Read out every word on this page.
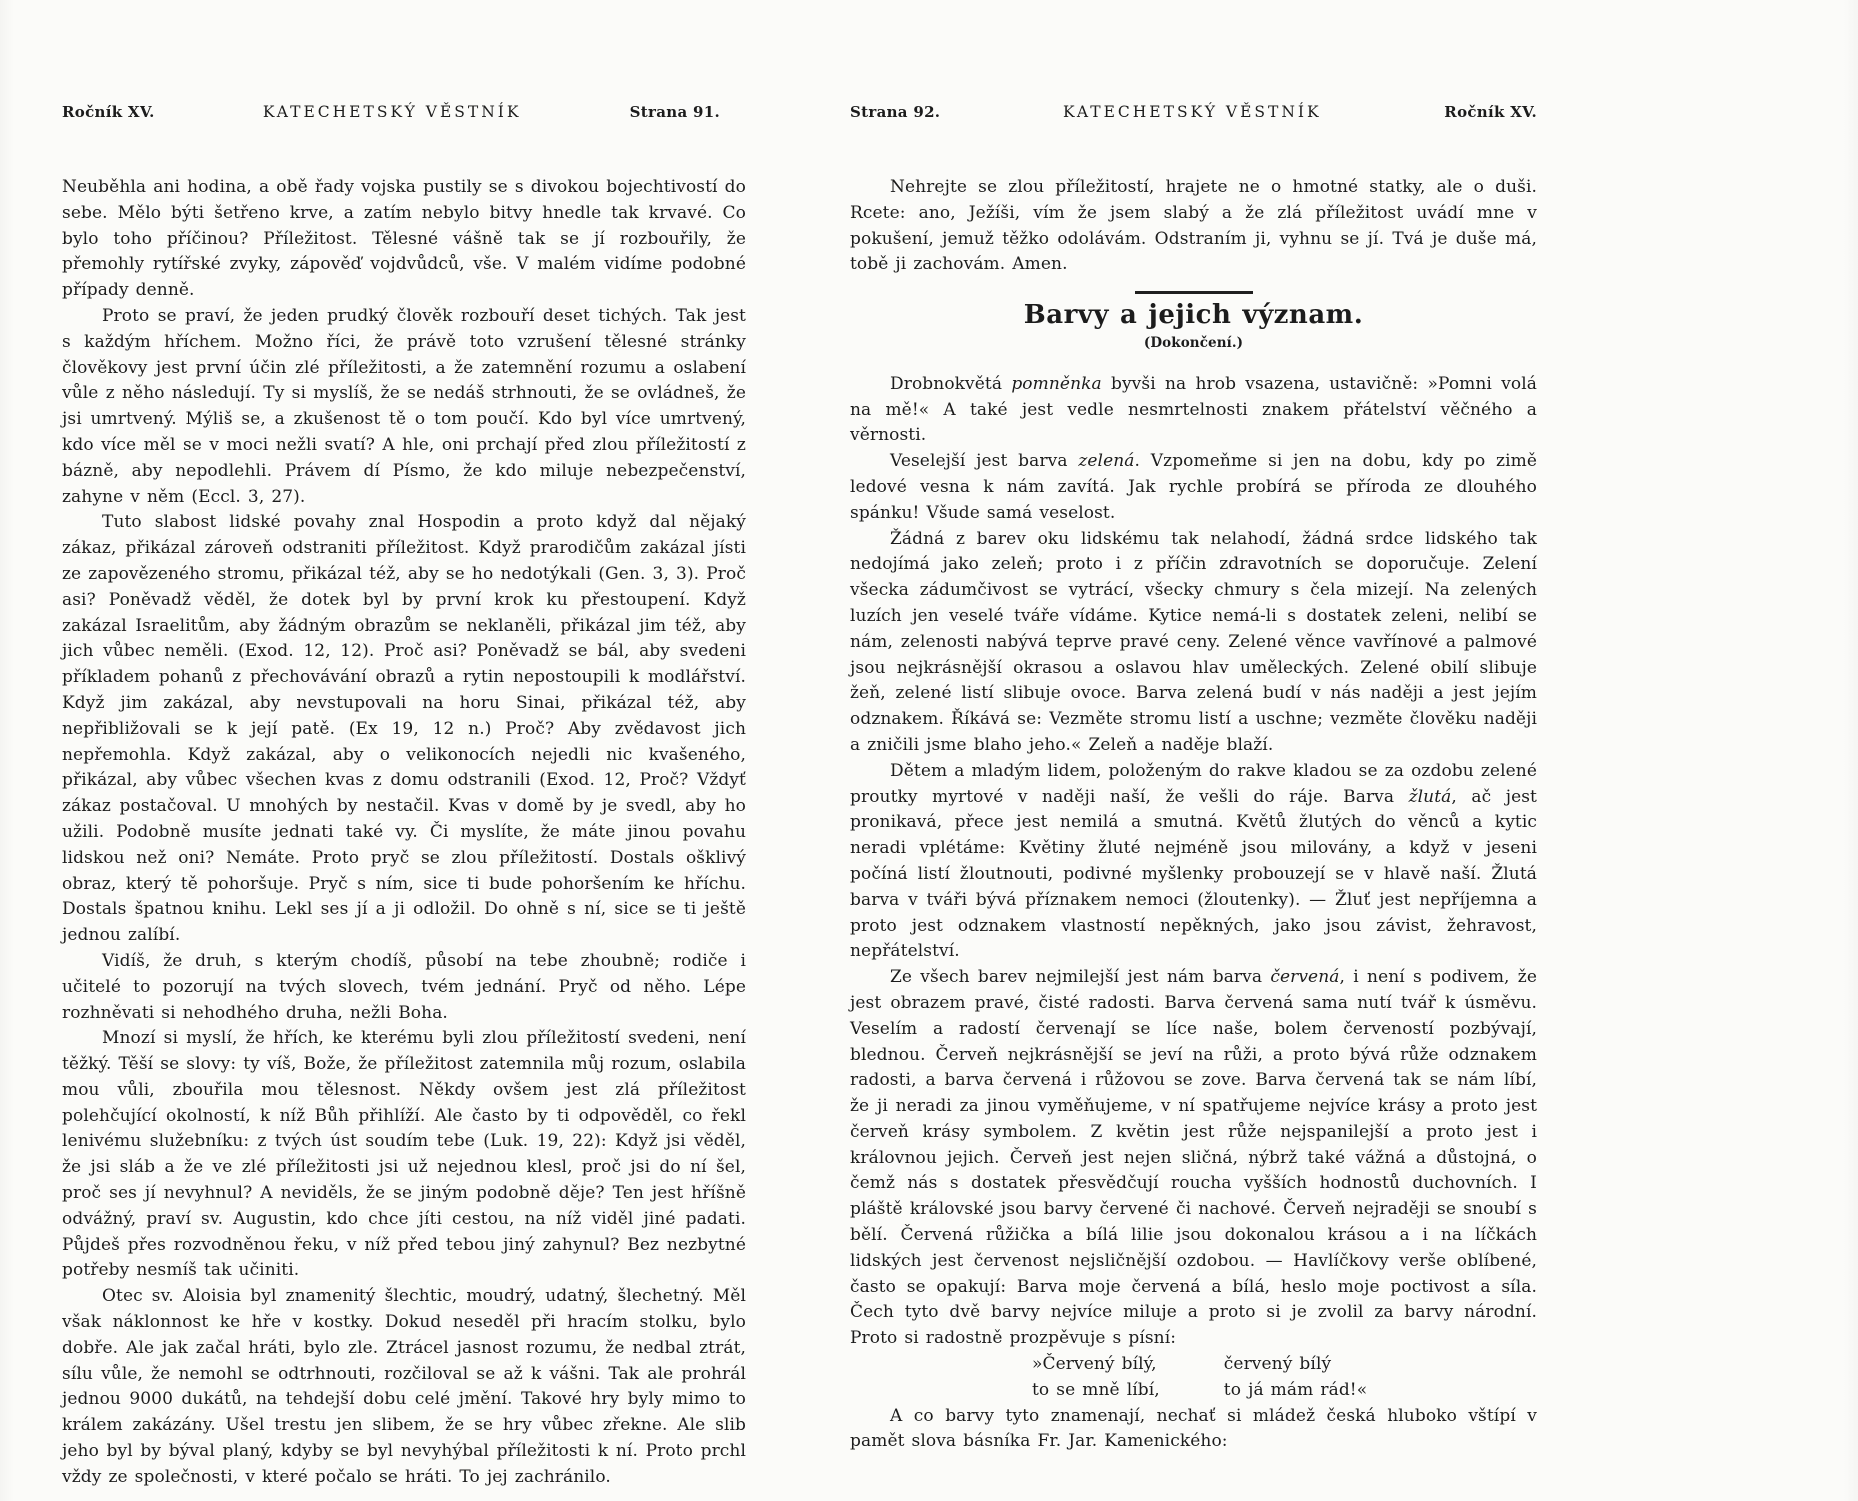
Ročník XV.	KATECHETSKÝ VĚSTNÍK	Strana 91.

Neuběhla ani hodina, a obě řady vojska pustily se s divokou bojechtivostí do sebe. Mělo býti šetřeno krve, a zatím nebylo bitvy hnedle tak krvavé. Co bylo toho příčinou? Příležitost. Tělesné vášně tak se jí rozbouřily, že přemohly rytířské zvyky, zápověď vojdvůdců, vše. V malém vidíme podobné případy denně.

Proto se praví, že jeden prudký člověk rozbouří deset tichých. Tak jest s každým hříchem. Možno říci, že právě toto vzrušení tělesné stránky člověkovy jest první účin zlé příležitosti, a že zatemnění rozumu a oslabení vůle z něho následují. Ty si myslíš, že se nedáš strhnouti, že se ovládneš, že jsi umrtvený. Mýliš se, a zkušenost tě o tom poučí. Kdo byl více umrtvený, kdo více měl se v moci nežli svatí? A hle, oni prchají před zlou příležitostí z bázně, aby nepodlehli. Právem dí Písmo, že kdo miluje nebezpečenství, zahyne v něm (Eccl. 3, 27).

Tuto slabost lidské povahy znal Hospodin a proto když dal nějaký zákaz, přikázal zároveň odstraniti příležitost. Když prarodičům zakázal jísti ze zapovězeného stromu, přikázal též, aby se ho nedotýkali (Gen. 3, 3). Proč asi? Poněvadž věděl, že dotek byl by první krok ku přestoupení. Když zakázal Israelitům, aby žádným obrazům se neklaněli, přikázal jim též, aby jich vůbec neměli. (Exod. 12, 12). Proč asi? Poněvadž se bál, aby svedeni příkladem pohanů z přechovávání obrazů a rytin nepostoupili k modlářství. Když jim zakázal, aby nevstupovali na horu Sinai, přikázal též, aby nepřibližovali se k její patě. (Ex 19, 12 n.) Proč? Aby zvědavost jich nepřemohla. Když zakázal, aby o velikonocích nejedli nic kvašeného, přikázal, aby vůbec všechen kvas z domu odstranili (Exod. 12, Proč? Vždyť zákaz postačoval. U mnohých by nestačil. Kvas v domě by je svedl, aby ho užili. Podobně musíte jednati také vy. Či myslíte, že máte jinou povahu lidskou než oni? Nemáte. Proto pryč se zlou příležitostí. Dostals ošklivý obraz, který tě pohoršuje. Pryč s ním, sice ti bude pohoršením ke hříchu. Dostals špatnou knihu. Lekl ses jí a ji odložil. Do ohně s ní, sice se ti ještě jednou zalíbí.

Vidíš, že druh, s kterým chodíš, působí na tebe zhoubně; rodiče i učitelé to pozorují na tvých slovech, tvém jednání. Pryč od něho. Lépe rozhněvati si nehodhého druha, nežli Boha.

Mnozí si myslí, že hřích, ke kterému byli zlou příležitostí svedeni, není těžký. Těší se slovy: ty víš, Bože, že příležitost zatemnila můj rozum, oslabila mou vůli, zbouřila mou tělesnost. Někdy ovšem jest zlá příležitost polehčující okolností, k níž Bůh přihlíží. Ale často by ti odpověděl, co řekl lenivému služebníku: z tvých úst soudím tebe (Luk. 19, 22): Když jsi věděl, že jsi sláb a že ve zlé příležitosti jsi už nejednou klesl, proč jsi do ní šel, proč ses jí nevyhnul? A neviděls, že se jiným podobně děje? Ten jest hříšně odvážný, praví sv. Augustin, kdo chce jíti cestou, na níž viděl jiné padati. Půjdeš přes rozvodněnou řeku, v níž před tebou jiný zahynul? Bez nezbytné potřeby nesmíš tak učiniti.

Otec sv. Aloisia byl znamenitý šlechtic, moudrý, udatný, šlechetný. Měl však náklonnost ke hře v kostky. Dokud neseděl při hracím stolku, bylo dobře. Ale jak začal hráti, bylo zle. Ztrácel jasnost rozumu, že nedbal ztrát, sílu vůle, že nemohl se odtrhnouti, rozčiloval se až k vášni. Tak ale prohrál jednou 9000 dukátů, na tehdejší dobu celé jmění. Takové hry byly mimo to králem zakázány. Ušel trestu jen slibem, že se hry vůbec zřekne. Ale slib jeho byl by býval planý, kdyby se byl nevyhýbal příležitosti k ní. Proto prchl vždy ze společnosti, v které počalo se hráti. To jej zachránilo.

Strana 92.	KATECHETSKÝ VĚSTNÍK	Ročník XV.

Nehrejte se zlou příležitostí, hrajete ne o hmotné statky, ale o duši. Rcete: ano, Ježíši, vím že jsem slabý a že zlá příležitost uvádí mne v pokušení, jemuž těžko odolávám. Odstraním ji, vyhnu se jí. Tvá je duše má, tobě ji zachovám. Amen.

Barvy a jejich význam.
(Dokončení.)

Drobnokvětá pomněnka byvši na hrob vsazena, ustavičně: »Pomni volá na mě!« A také jest vedle nesmrtelnosti znakem přátelství věčného a věrnosti.

Veselejší jest barva zelená. Vzpomeňme si jen na dobu, kdy po zimě ledové vesna k nám zavítá. Jak rychle probírá se příroda ze dlouhého spánku! Všude samá veselost.

Žádná z barev oku lidskému tak nelahodí, žádná srdce lidského tak nedojímá jako zeleň; proto i z příčin zdravotních se doporučuje. Zelení všecka zádumčivost se vytrácí, všecky chmury s čela mizejí. Na zelených luzích jen veselé tváře vídáme. Kytice nemá-li s dostatek zeleni, nelibí se nám, zelenosti nabývá teprve pravé ceny. Zelené věnce vavřínové a palmové jsou nejkrásnější okrasou a oslavou hlav uměleckých. Zelené obilí slibuje žeň, zelené listí slibuje ovoce. Barva zelená budí v nás naději a jest jejím odznakem. Říkává se: Vezměte stromu listí a uschne; vezměte člověku naději a zničili jsme blaho jeho.« Zeleň a naděje blaží.

Dětem a mladým lidem, položeným do rakve kladou se za ozdobu zelené proutky myrtové v naději naší, že vešli do ráje. Barva žlutá, ač jest pronikavá, přece jest nemilá a smutná. Květů žlutých do věnců a kytic neradi vplétáme: Květiny žluté nejméně jsou milovány, a když v jeseni počíná listí žloutnouti, podivné myšlenky probouzejí se v hlavě naší. Žlutá barva v tváři bývá příznakem nemoci (žloutenky). — Žluť jest nepříjemna a proto jest odznakem vlastností nepěkných, jako jsou závist, žehravost, nepřátelství.

Ze všech barev nejmilejší jest nám barva červená, i není s podivem, že jest obrazem pravé, čisté radosti. Barva červená sama nutí tvář k úsměvu. Veselím a radostí červenají se líce naše, bolem červeností pozbývají, blednou. Červeň nejkrásnější se jeví na růži, a proto bývá růže odznakem radosti, a barva červená i růžovou se zove. Barva červená tak se nám líbí, že ji neradi za jinou vyměňujeme, v ní spatřujeme nejvíce krásy a proto jest červeň krásy symbolem. Z květin jest růže nejspanilejší a proto jest i královnou jejich. Červeň jest nejen sličná, nýbrž také vážná a důstojná, o čemž nás s dostatek přesvědčují roucha vyšších hodnostů duchovních. I pláště královské jsou barvy červené či nachové. Červeň nejraději se snoubí s bělí. Červená růžička a bílá lilie jsou dokonalou krásou a i na líčkách lidských jest červenost nejsličnější ozdobou. — Havlíčkovy verše oblíbené, často se opakují: Barva moje červená a bílá, heslo moje poctivost a síla. Čech tyto dvě barvy nejvíce miluje a proto si je zvolil za barvy národní. Proto si radostně prozpěvuje s písní:

»Červený bílý,
to se mně líbí,
červený bílý
to já mám rád!«

A co barvy tyto znamenají, nechať si mládež česká hluboko vštípí v pamět slova básníka Fr. Jar. Kamenického:
